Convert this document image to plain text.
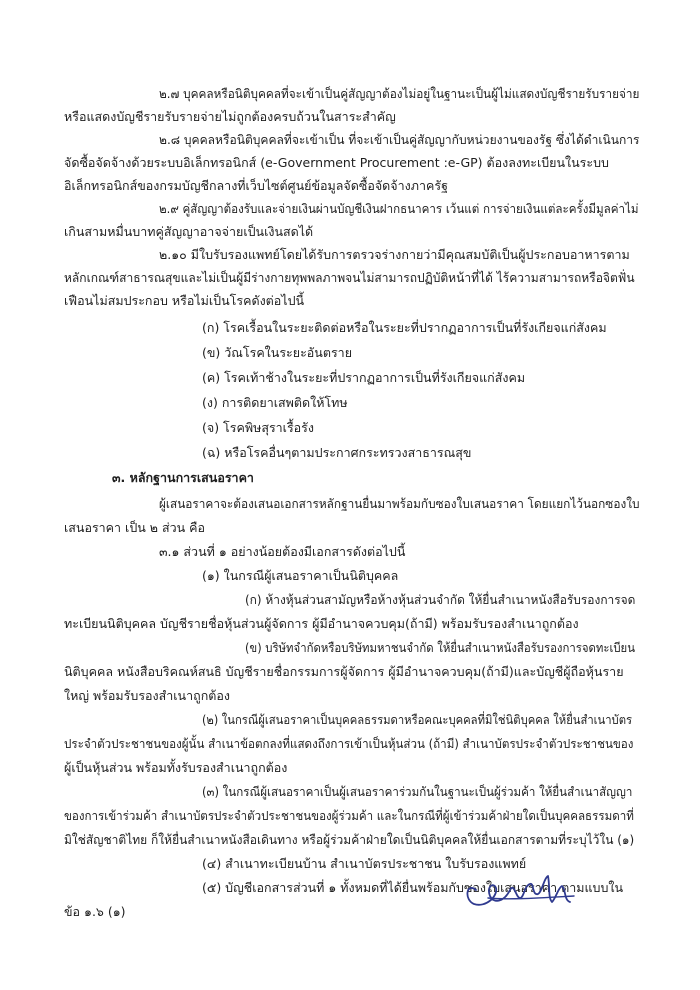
๒.๗ บุคคลหรือนิติบุคคลที่จะเข้าเป็นคู่สัญญาต้องไม่อยู่ในฐานะเป็นผู้ไม่แสดงบัญชีรายรับรายจ่าย
หรือแสดงบัญชีรายรับรายจ่ายไม่ถูกต้องครบถ้วนในสาระสำคัญ
๒.๘ บุคคลหรือนิติบุคคลที่จะเข้าเป็น ที่จะเข้าเป็นคู่สัญญากับหน่วยงานของรัฐ ซึ่งได้ดำเนินการ
จัดซื้อจัดจ้างด้วยระบบอิเล็กทรอนิกส์ (e-Government Procurement :e-GP) ต้องลงทะเบียนในระบบ
อิเล็กทรอนิกส์ของกรมบัญชีกลางที่เว็บไซต์ศูนย์ข้อมูลจัดซื้อจัดจ้างภาครัฐ
๒.๙ คู่สัญญาต้องรับและจ่ายเงินผ่านบัญชีเงินฝากธนาคาร เว้นแต่ การจ่ายเงินแต่ละครั้งมีมูลค่าไม่
เกินสามหมื่นบาทคู่สัญญาอาจจ่ายเป็นเงินสดได้
๒.๑๐ มีใบรับรองแพทย์โดยได้รับการตรวจร่างกายว่ามีคุณสมบัติเป็นผู้ประกอบอาหารตาม
หลักเกณฑ์สาธารณสุขและไม่เป็นผู้มีร่างกายทุพพลภาพจนไม่สามารถปฏิบัติหน้าที่ได้ ไร้ความสามารถหรือจิตฟั่น
เฟือนไม่สมประกอบ หรือไม่เป็นโรคดังต่อไปนี้
(ก) โรคเรื้อนในระยะติดต่อหรือในระยะที่ปรากฏอาการเป็นที่รังเกียจแก่สังคม
(ข) วัณโรคในระยะอันตราย
(ค) โรคเท้าช้างในระยะที่ปรากฏอาการเป็นที่รังเกียจแก่สังคม
(ง) การติดยาเสพติดให้โทษ
(จ) โรคพิษสุราเรื้อรัง
(ฉ) หรือโรคอื่นๆตามประกาศกระทรวงสาธารณสุข
๓. หลักฐานการเสนอราคา
ผู้เสนอราคาจะต้องเสนอเอกสารหลักฐานยื่นมาพร้อมกับซองใบเสนอราคา โดยแยกไว้นอกซองใบ
เสนอราคา เป็น ๒ ส่วน คือ
๓.๑ ส่วนที่ ๑ อย่างน้อยต้องมีเอกสารดังต่อไปนี้
(๑) ในกรณีผู้เสนอราคาเป็นนิติบุคคล
(ก) ห้างหุ้นส่วนสามัญหรือห้างหุ้นส่วนจำกัด ให้ยื่นสำเนาหนังสือรับรองการจด
ทะเบียนนิติบุคคล บัญชีรายชื่อหุ้นส่วนผู้จัดการ ผู้มีอำนาจควบคุม(ถ้ามี) พร้อมรับรองสำเนาถูกต้อง
(ข) บริษัทจำกัดหรือบริษัทมหาชนจำกัด ให้ยื่นสำเนาหนังสือรับรองการจดทะเบียน
นิติบุคคล หนังสือบริคณห์สนธิ บัญชีรายชื่อกรรมการผู้จัดการ ผู้มีอำนาจควบคุม(ถ้ามี)และบัญชีผู้ถือหุ้นราย
ใหญ่ พร้อมรับรองสำเนาถูกต้อง
(๒) ในกรณีผู้เสนอราคาเป็นบุคคลธรรมดาหรือคณะบุคคลที่มิใช่นิติบุคคล ให้ยื่นสำเนาบัตร
ประจำตัวประชาชนของผู้นั้น สำเนาข้อตกลงที่แสดงถึงการเข้าเป็นหุ้นส่วน (ถ้ามี) สำเนาบัตรประจำตัวประชาชนของ
ผู้เป็นหุ้นส่วน พร้อมทั้งรับรองสำเนาถูกต้อง
(๓) ในกรณีผู้เสนอราคาเป็นผู้เสนอราคาร่วมกันในฐานะเป็นผู้ร่วมค้า ให้ยื่นสำเนาสัญญา
ของการเข้าร่วมค้า สำเนาบัตรประจำตัวประชาชนของผู้ร่วมค้า และในกรณีที่ผู้เข้าร่วมค้าฝ่ายใดเป็นบุคคลธรรมดาที่
มิใช่สัญชาติไทย ก็ให้ยื่นสำเนาหนังสือเดินทาง หรือผู้ร่วมค้าฝ่ายใดเป็นนิติบุคคลให้ยื่นเอกสารตามที่ระบุไว้ใน (๑)
(๔) สำเนาทะเบียนบ้าน สำเนาบัตรประชาชน ใบรับรองแพทย์
(๕) บัญชีเอกสารส่วนที่ ๑ ทั้งหมดที่ได้ยื่นพร้อมกับซองใบเสนอราคา ตามแบบใน
ข้อ ๑.๖ (๑)
